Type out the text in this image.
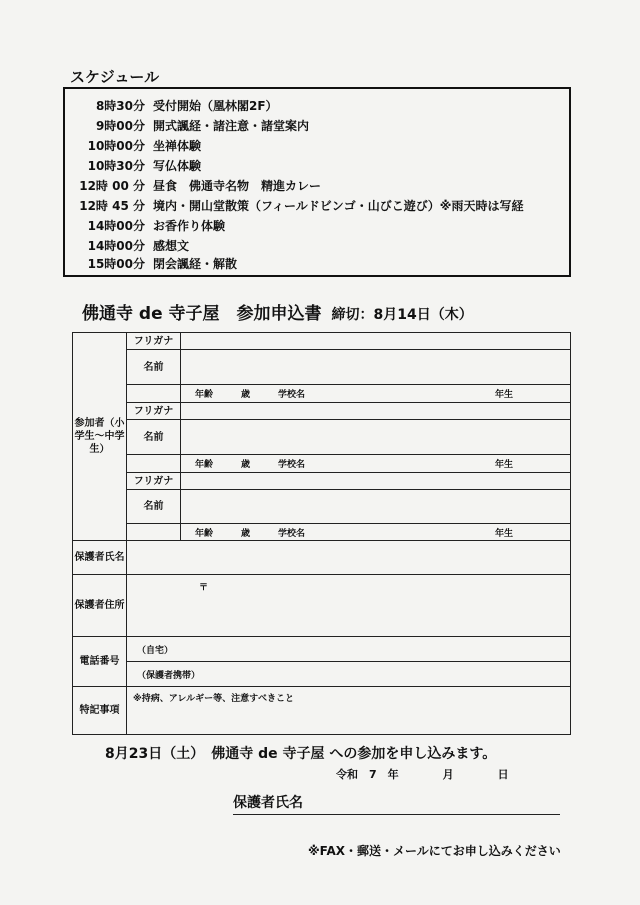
スケジュール
8時30分 受付開始（凰林閣2F）
9時00分 開式諷経・諸注意・諸堂案内
10時00分 坐禅体験
10時30分 写仏体験
12時 00 分 昼食　佛通寺名物　精進カレー
12時 45 分 境内・開山堂散策（フィールドビンゴ・山びこ遊び）※雨天時は写経
14時00分 お香作り体験
14時00分 感想文
15時00分 閉会諷経・解散
佛通寺 de 寺子屋　参加申込書 締切：8月14日（木）
参加者（小学生〜中学生）	フリガナ	
	名前	

		年齢 歳 学校名 年生

	フリガナ	
	名前	

		年齢 歳 学校名 年生

	フリガナ	
	名前	

		年齢 歳 学校名 年生

保護者氏名		
保護者住所	〒	
電話番号	（自宅）	
	（保護者携帯）	
特記事項	※持病、アレルギー等、注意すべきこと	
8月23日（土）　佛通寺 de 寺子屋 への参加を申し込みます。
令和　7　年　　　　月　　　　日
保護者氏名
※FAX・郵送・メールにてお申し込みください
